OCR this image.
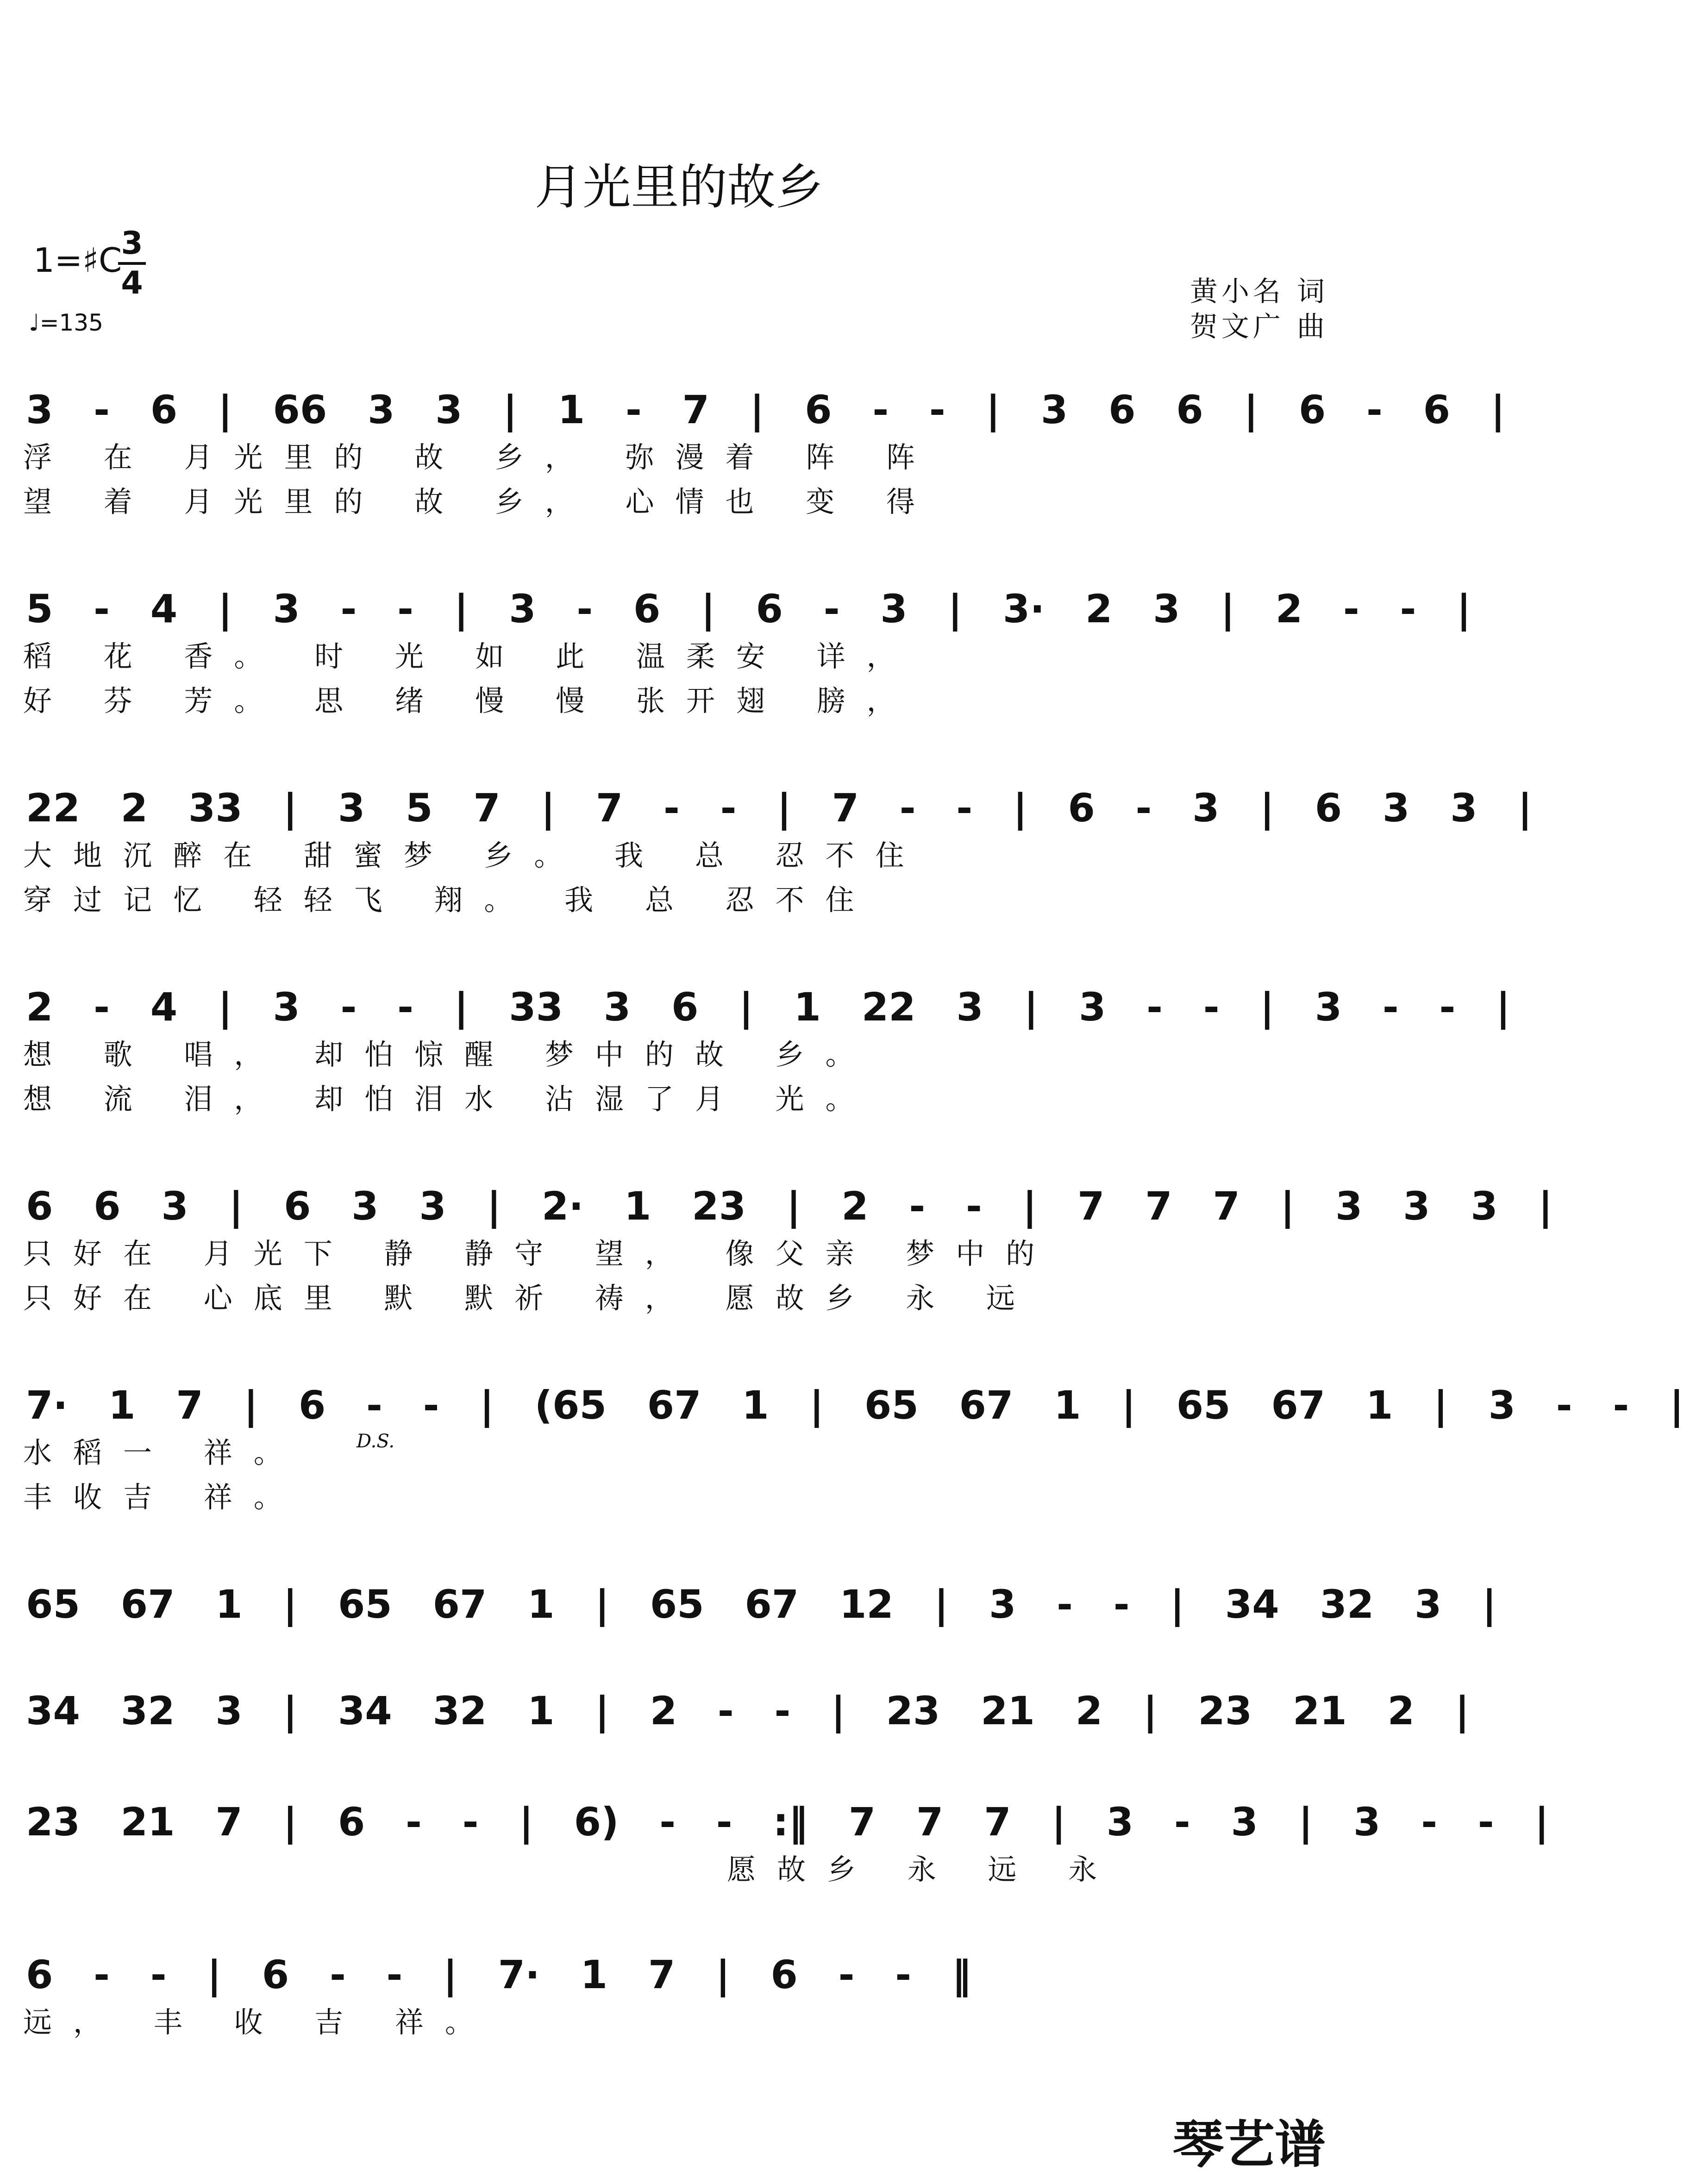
月光里的故乡
1=♯C
3
4
♩=135
黄小名 词
贺文广 曲
3   -   6   |   66   3   3   |   1   -   7   |   6   -   -   |   3   6   6   |   6   -   6   |
浮 在 月光里的 故 乡， 弥漫着 阵 阵
望 着 月光里的 故 乡， 心情也 变 得
5   -   4   |   3   -   -   |   3   -   6   |   6   -   3   |   3·   2   3   |   2   -   -   |
稻 花 香。 时 光 如 此 温柔安 详，
好 芬 芳。 思 绪 慢 慢 张开翅 膀，
22   2   33   |   3   5   7   |   7   -   -   |   7   -   -   |   6   -   3   |   6   3   3   |
大地沉醉在 甜蜜梦 乡。 我 总 忍不住
穿过记忆 轻轻飞 翔。 我 总 忍不住
2   -   4   |   3   -   -   |   33   3   6   |   1   22   3   |   3   -   -   |   3   -   -   |
想 歌 唱， 却怕惊醒 梦中的故 乡。
想 流 泪， 却怕泪水 沾湿了月 光。
6   6   3   |   6   3   3   |   2·   1   23   |   2   -   -   |   7   7   7   |   3   3   3   |
只好在 月光下 静 静守 望， 像父亲 梦中的
只好在 心底里 默 默祈 祷， 愿故乡 永 远
7·   1   7   |   6   -   -   |   (65   67   1   |   65   67   1   |   65   67   1   |   3   -   -   |
水稻一 祥。
丰收吉 祥。
65   67   1   |   65   67   1   |   65   67   12   |   3   -   -   |   34   32   3   |
34   32   3   |   34   32   1   |   2   -   -   |   23   21   2   |   23   21   2   |
23   21   7   |   6   -   -   |   6)   -   -   :‖   7   7   7   |   3   -   3   |   3   -   -   |
愿故乡 永 远 永
6   -   -   |   6   -   -   |   7·   1   7   |   6   -   -   ‖
远， 丰 收 吉 祥。
D.S.
琴艺谱
